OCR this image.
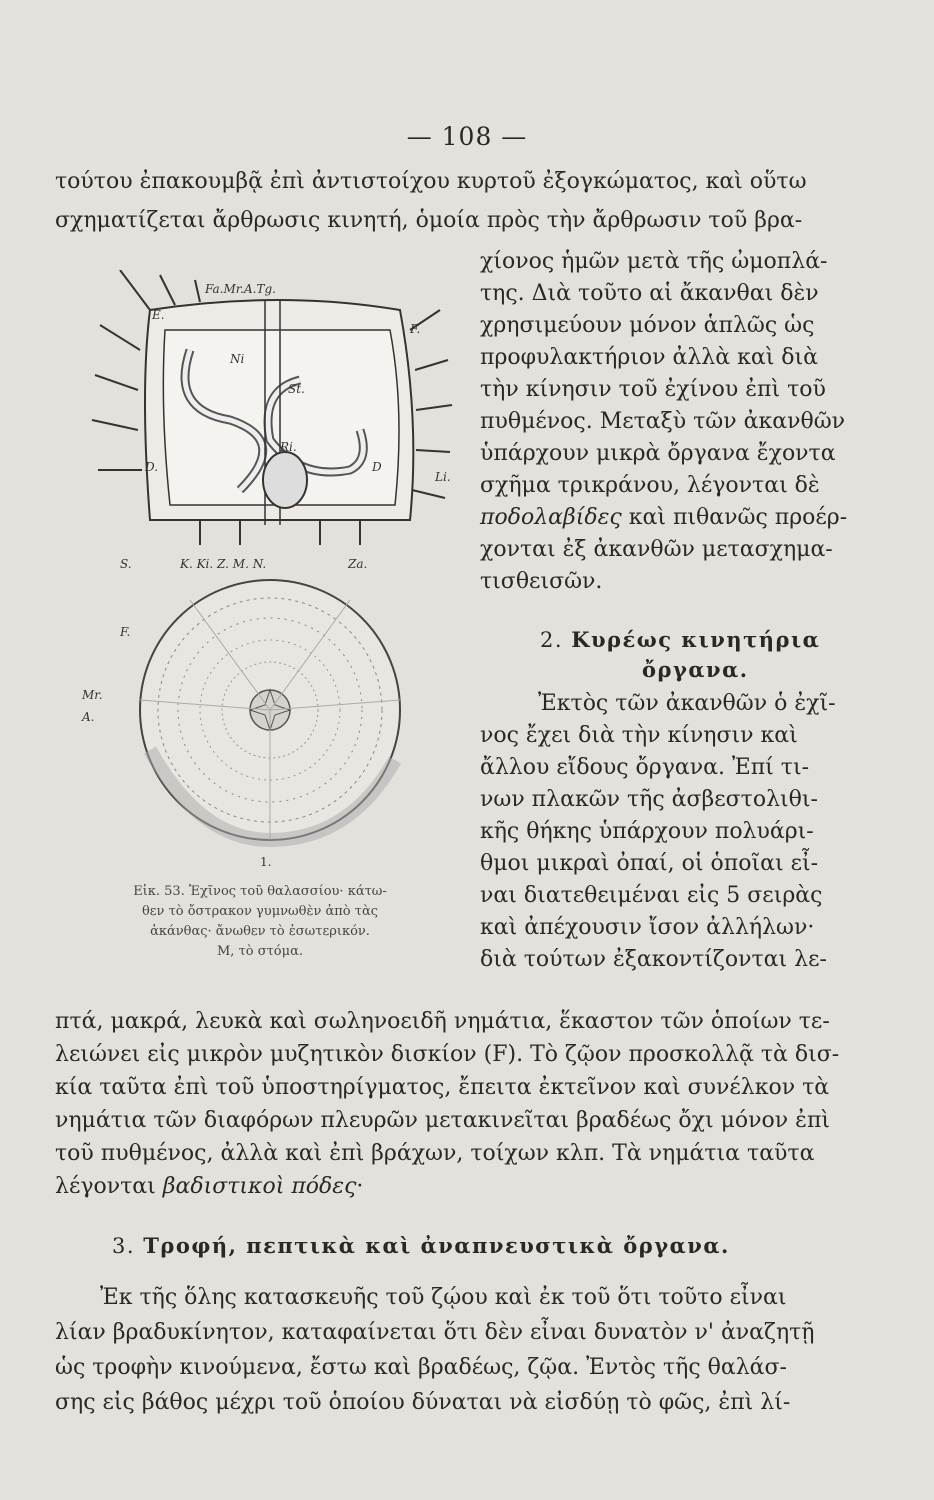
— 108 —
τούτου ἐπακουμβᾷ ἐπὶ ἀντιστοίχου κυρτοῦ ἐξογκώματος, καὶ οὕτω
σχηματίζεται ἄρθρωσις κινητή, ὁμοία πρὸς τὴν ἄρθρωσιν τοῦ βρα-
χίονος ἡμῶν μετὰ τῆς ὠμοπλά-
της. Διὰ τοῦτο αἱ ἄκανθαι δὲν
χρησιμεύουν μόνον ἁπλῶς ὡς
προφυλακτήριον ἀλλὰ καὶ διὰ
τὴν κίνησιν τοῦ ἐχίνου ἐπὶ τοῦ
πυθμένος. Μεταξὺ τῶν ἀκανθῶν
ὑπάρχουν μικρὰ ὄργανα ἔχοντα
σχῆμα τρικράνου, λέγονται δὲ
ποδολαβίδες καὶ πιθανῶς προέρ-
χονται ἐξ ἀκανθῶν μετασχημα-
τισθεισῶν.
2. Κυρέως κινητήρια
ὄργανα.
Ἐκτὸς τῶν ἀκανθῶν ὁ ἐχῖ-
νος ἔχει διὰ τὴν κίνησιν καὶ
ἄλλου εἴδους ὄργανα. Ἐπί τι-
νων πλακῶν τῆς ἀσβεστολιθι-
κῆς θήκης ὑπάρχουν πολυάρι-
θμοι μικραὶ ὀπαί, οἱ ὁποῖαι εἶ-
ναι διατεθειμέναι εἰς 5 σειρὰς
καὶ ἀπέχουσιν ἴσον ἀλλήλων·
διὰ τούτων ἐξακοντίζονται λε-
πτά, μακρά, λευκὰ καὶ σωληνοειδῆ νημάτια, ἕκαστον τῶν ὁποίων τε-
λειώνει εἰς μικρὸν μυζητικὸν δισκίον (F). Τὸ ζῷον προσκολλᾷ τὰ δισ-
κία ταῦτα ἐπὶ τοῦ ὑποστηρίγματος, ἔπειτα ἐκτεῖνον καὶ συνέλκον τὰ
νημάτια τῶν διαφόρων πλευρῶν μετακινεῖται βραδέως ὄχι μόνον ἐπὶ
τοῦ πυθμένος, ἀλλὰ καὶ ἐπὶ βράχων, τοίχων κλπ. Τὰ νημάτια ταῦτα
λέγονται βαδιστικοὶ πόδες·
3. Τροφή, πεπτικὰ καὶ ἀναπνευστικὰ ὄργανα.
Ἐκ τῆς ὅλης κατασκευῆς τοῦ ζῴου καὶ ἐκ τοῦ ὅτι τοῦτο εἶναι
λίαν βραδυκίνητον, καταφαίνεται ὅτι δὲν εἶναι δυνατὸν ν' ἀναζητῇ
ὡς τροφὴν κινούμενα, ἔστω καὶ βραδέως, ζῷα. Ἐντὸς τῆς θαλάσ-
σης εἰς βάθος μέχρι τοῦ ὁποίου δύναται νὰ εἰσδύῃ τὸ φῶς, ἐπὶ λί-
Fa.Mr.A.Tg.
E.
F.
Ni
St.
Ri.
D.	D
Li.
S.	K. Ki. Z. M. N.	Za.
F.
Mr.
A.
1.
Εἰκ. 53. Ἐχῖνος τοῦ θαλασσίου· κάτω-
θεν τὸ ὄστρακον γυμνωθὲν ἀπὸ τὰς
ἀκάνθας· ἄνωθεν τὸ ἐσωτερικόν.
M, τὸ στόμα.
